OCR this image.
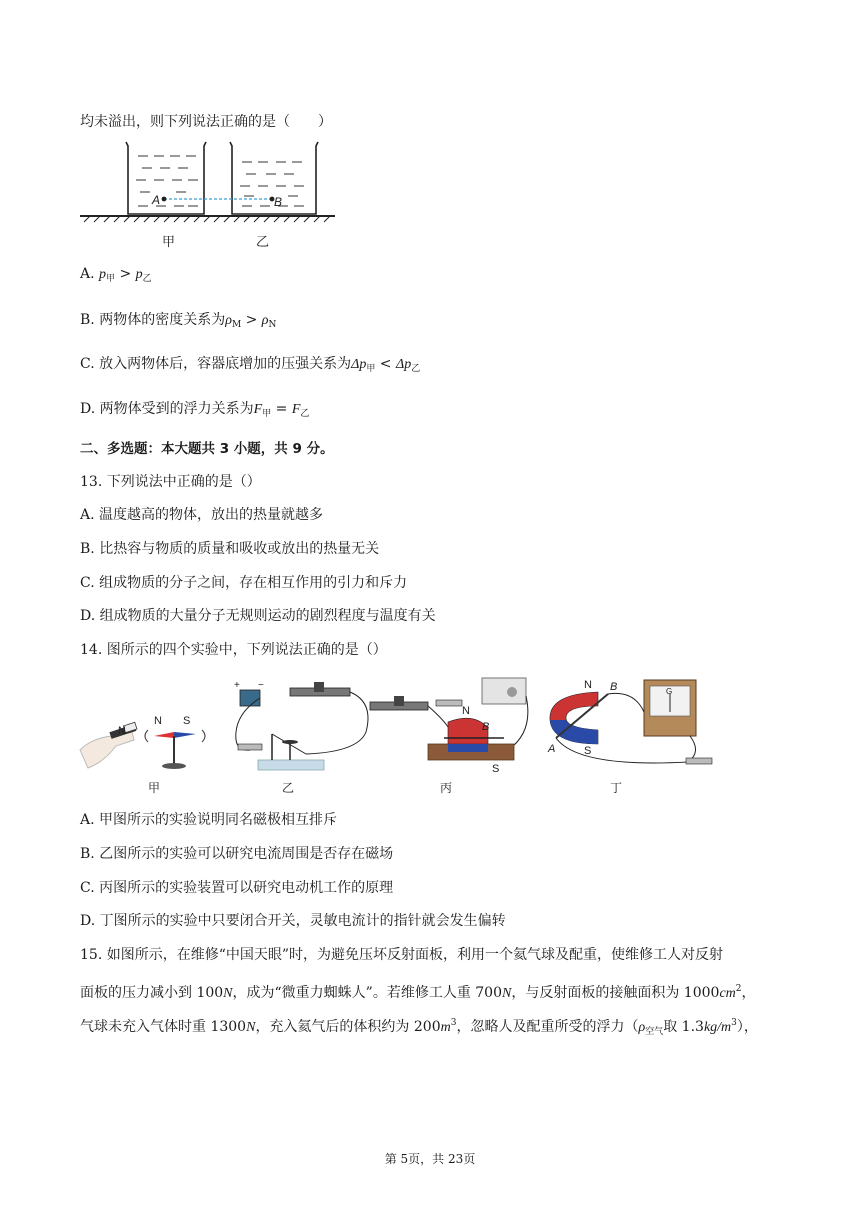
均未溢出，则下列说法正确的是（　　）
A	B
甲	乙
A. $p_甲 > p_乙$
B. 两物体的密度关系为$\rho_M > \rho_N$
C. 放入两物体后，容器底增加的压强关系为$\Delta p_甲 < \Delta p_乙$
D. 两物体受到的浮力关系为$F_甲 = F_乙$
二、多选题：本大题共 3 小题，共 9 分。
13. 下列说法中正确的是（）
A. 温度越高的物体，放出的热量就越多
B. 比热容与物质的质量和吸收或放出的热量无关
C. 组成物质的分子之间，存在相互作用的引力和斥力
D. 组成物质的大量分子无规则运动的剧烈程度与温度有关
14. 图所示的四个实验中，下列说法正确的是（）
N
N S
甲
+ −
乙
N
B
S
丙
N B
A	S
G
丁
A. 甲图所示的实验说明同名磁极相互排斥
B. 乙图所示的实验可以研究电流周围是否存在磁场
C. 丙图所示的实验装置可以研究电动机工作的原理
D. 丁图所示的实验中只要闭合开关，灵敏电流计的指针就会发生偏转
15. 如图所示，在维修“中国天眼”时，为避免压坏反射面板，利用一个氦气球及配重，使维修工人对反射
面板的压力减小到 100N，成为“微重力蜘蛛人”。若维修工人重 700N，与反射面板的接触面积为 $1000cm^2$，
气球未充入气体时重 1300N，充入氦气后的体积约为 $200m^3$，忽略人及配重所受的浮力（$\rho_{空气}$取 $1.3kg/m^3$），
第 5页，共 23页
